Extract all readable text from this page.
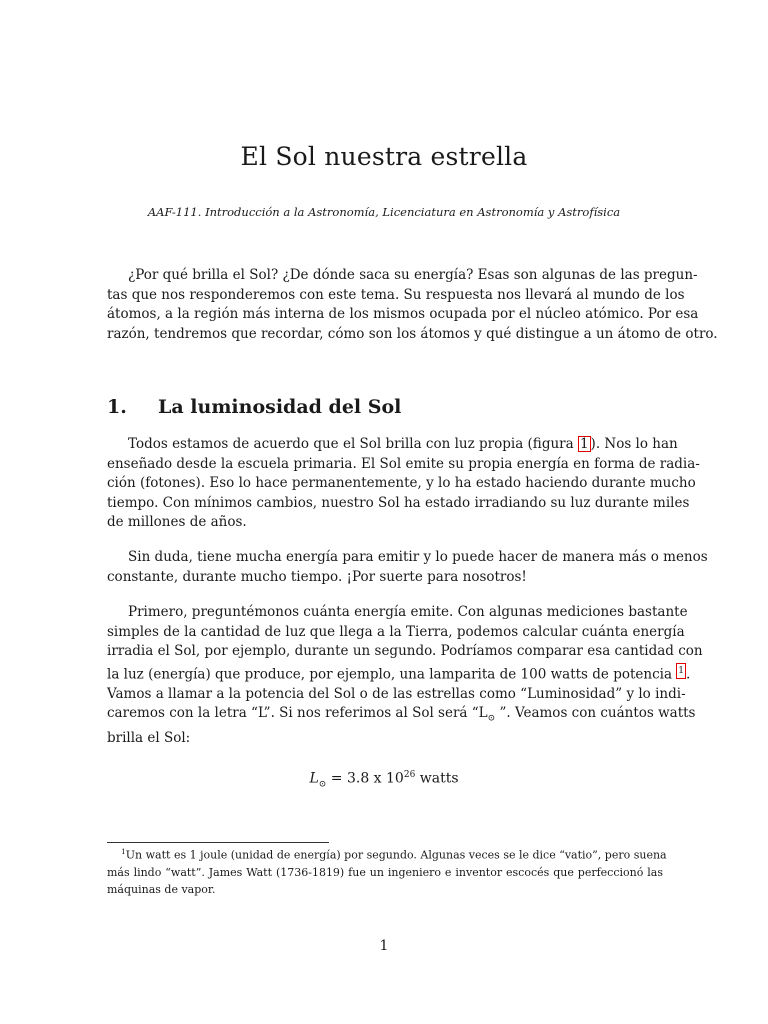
El Sol nuestra estrella

AAF-111. Introducción a la Astronomía, Licenciatura en Astronomía y Astrofísica

¿Por qué brilla el Sol? ¿De dónde saca su energía? Esas son algunas de las pregun-
tas que nos responderemos con este tema. Su respuesta nos llevará al mundo de los
átomos, a la región más interna de los mismos ocupada por el núcleo atómico. Por esa
razón, tendremos que recordar, cómo son los átomos y qué distingue a un átomo de otro.
1. La luminosidad del Sol
Todos estamos de acuerdo que el Sol brilla con luz propia (figura 1 ). Nos lo han
enseñado desde la escuela primaria. El Sol emite su propia energía en forma de radia-
ción (fotones). Eso lo hace permanentemente, y lo ha estado haciendo durante mucho
tiempo. Con mínimos cambios, nuestro Sol ha estado irradiando su luz durante miles
de millones de años.
Sin duda, tiene mucha energía para emitir y lo puede hacer de manera más o menos
constante, durante mucho tiempo. ¡Por suerte para nosotros!
Primero, preguntémonos cuánta energía emite. Con algunas mediciones bastante
simples de la cantidad de luz que llega a la Tierra, podemos calcular cuánta energía
irradia el Sol, por ejemplo, durante un segundo. Podríamos comparar esa cantidad con
la luz (energía) que produce, por ejemplo, una lamparita de 100 watts de potencia $^1$ .
Vamos a llamar a la potencia del Sol o de las estrellas como “Luminosidad” y lo indi-
caremos con la letra “L”. Si nos referimos al Sol será “$L_⊙$ ”. Veamos con cuántos watts
brilla el Sol:
$L_⊙ = 3.8$ x $10^{26}$ watts
$^1$Un watt es 1 joule (unidad de energía) por segundo. Algunas veces se le dice “vatio”, pero suena
más lindo “watt”. James Watt (1736-1819) fue un ingeniero e inventor escocés que perfeccionó las
máquinas de vapor.
1
